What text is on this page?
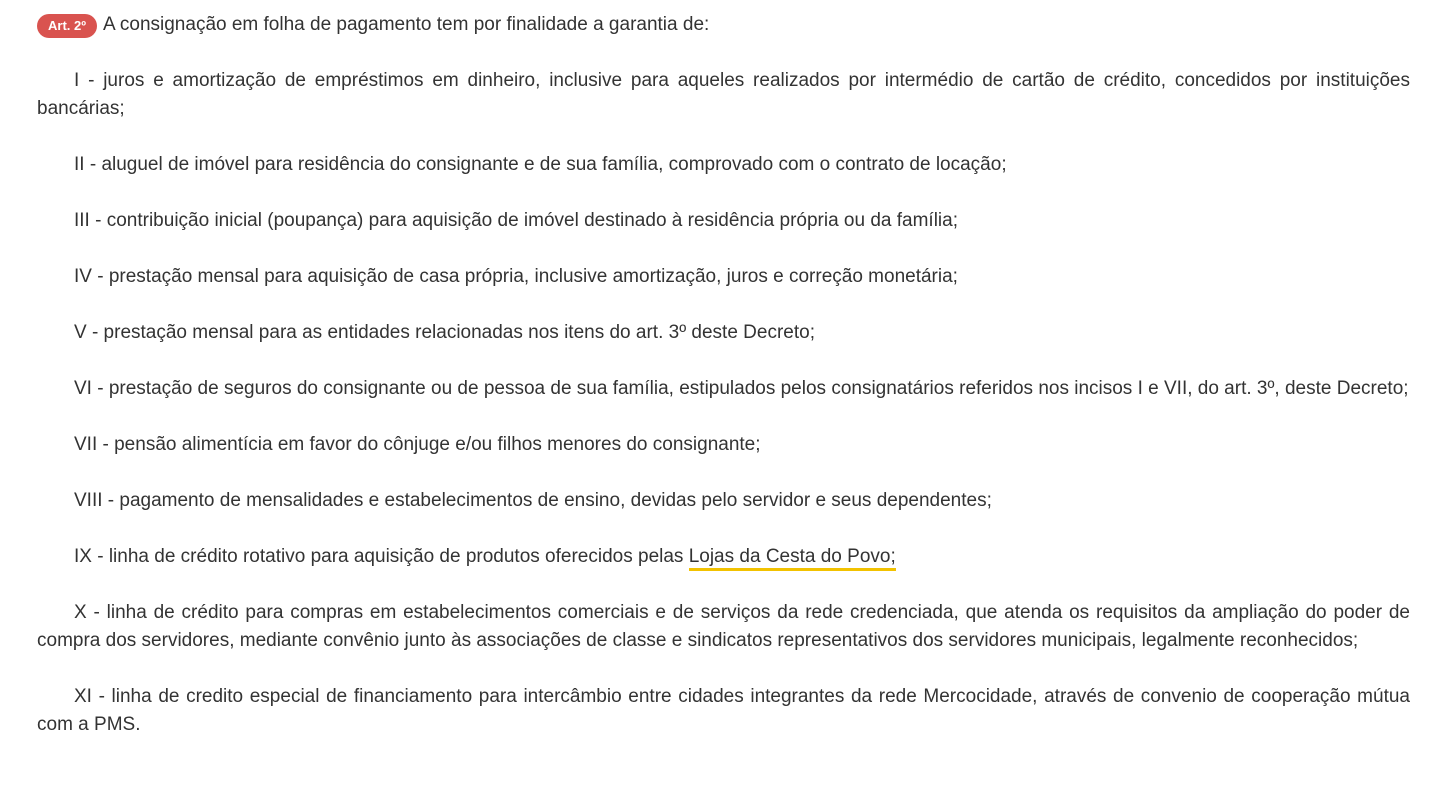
Art. 2º A consignação em folha de pagamento tem por finalidade a garantia de:

I - juros e amortização de empréstimos em dinheiro, inclusive para aqueles realizados por intermédio de cartão de crédito, concedidos por instituições bancárias;

II - aluguel de imóvel para residência do consignante e de sua família, comprovado com o contrato de locação;

III - contribuição inicial (poupança) para aquisição de imóvel destinado à residência própria ou da família;

IV - prestação mensal para aquisição de casa própria, inclusive amortização, juros e correção monetária;

V - prestação mensal para as entidades relacionadas nos itens do art. 3º deste Decreto;

VI - prestação de seguros do consignante ou de pessoa de sua família, estipulados pelos consignatários referidos nos incisos I e VII, do art. 3º, deste Decreto;

VII - pensão alimentícia em favor do cônjuge e/ou filhos menores do consignante;

VIII - pagamento de mensalidades e estabelecimentos de ensino, devidas pelo servidor e seus dependentes;

IX - linha de crédito rotativo para aquisição de produtos oferecidos pelas Lojas da Cesta do Povo;

X - linha de crédito para compras em estabelecimentos comerciais e de serviços da rede credenciada, que atenda os requisitos da ampliação do poder de compra dos servidores, mediante convênio junto às associações de classe e sindicatos representativos dos servidores municipais, legalmente reconhecidos;

XI - linha de credito especial de financiamento para intercâmbio entre cidades integrantes da rede Mercocidade, através de convenio de cooperação mútua com a PMS.
